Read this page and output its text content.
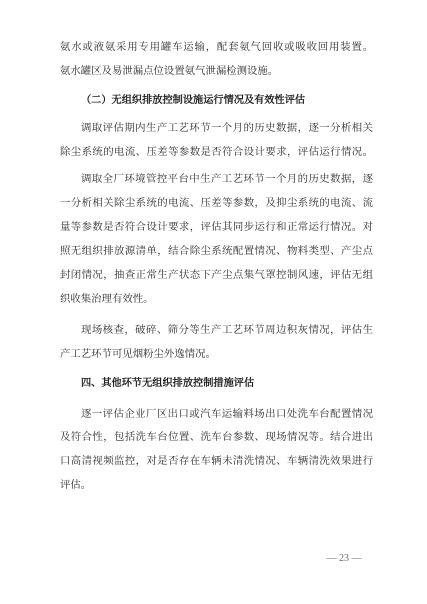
氨水或液氨采用专用罐车运输，配套氨气回收或吸收回用装置。
氨水罐区及易泄漏点位设置氨气泄漏检测设施。
（二）无组织排放控制设施运行情况及有效性评估
调取评估期内生产工艺环节一个月的历史数据，逐一分析相关
除尘系统的电流、压差等参数是否符合设计要求，评估运行情况。
调取全厂环境管控平台中生产工艺环节一个月的历史数据，逐
一分析相关除尘系统的电流、压差等参数，及抑尘系统的电流、流
量等参数是否符合设计要求，评估其同步运行和正常运行情况。对
照无组织排放源清单，结合除尘系统配置情况、物料类型、产尘点
封闭情况，抽查正常生产状态下产尘点集气罩控制风速，评估无组
织收集治理有效性。
现场核查，破碎、筛分等生产工艺环节周边积灰情况，评估生
产工艺环节可见烟粉尘外逸情况。
四、其他环节无组织排放控制措施评估
逐一评估企业厂区出口或汽车运输料场出口处洗车台配置情况
及符合性，包括洗车台位置、洗车台参数、现场情况等。结合进出
口高清视频监控，对是否存在车辆未清洗情况、车辆清洗效果进行
评估。
— 23 —
